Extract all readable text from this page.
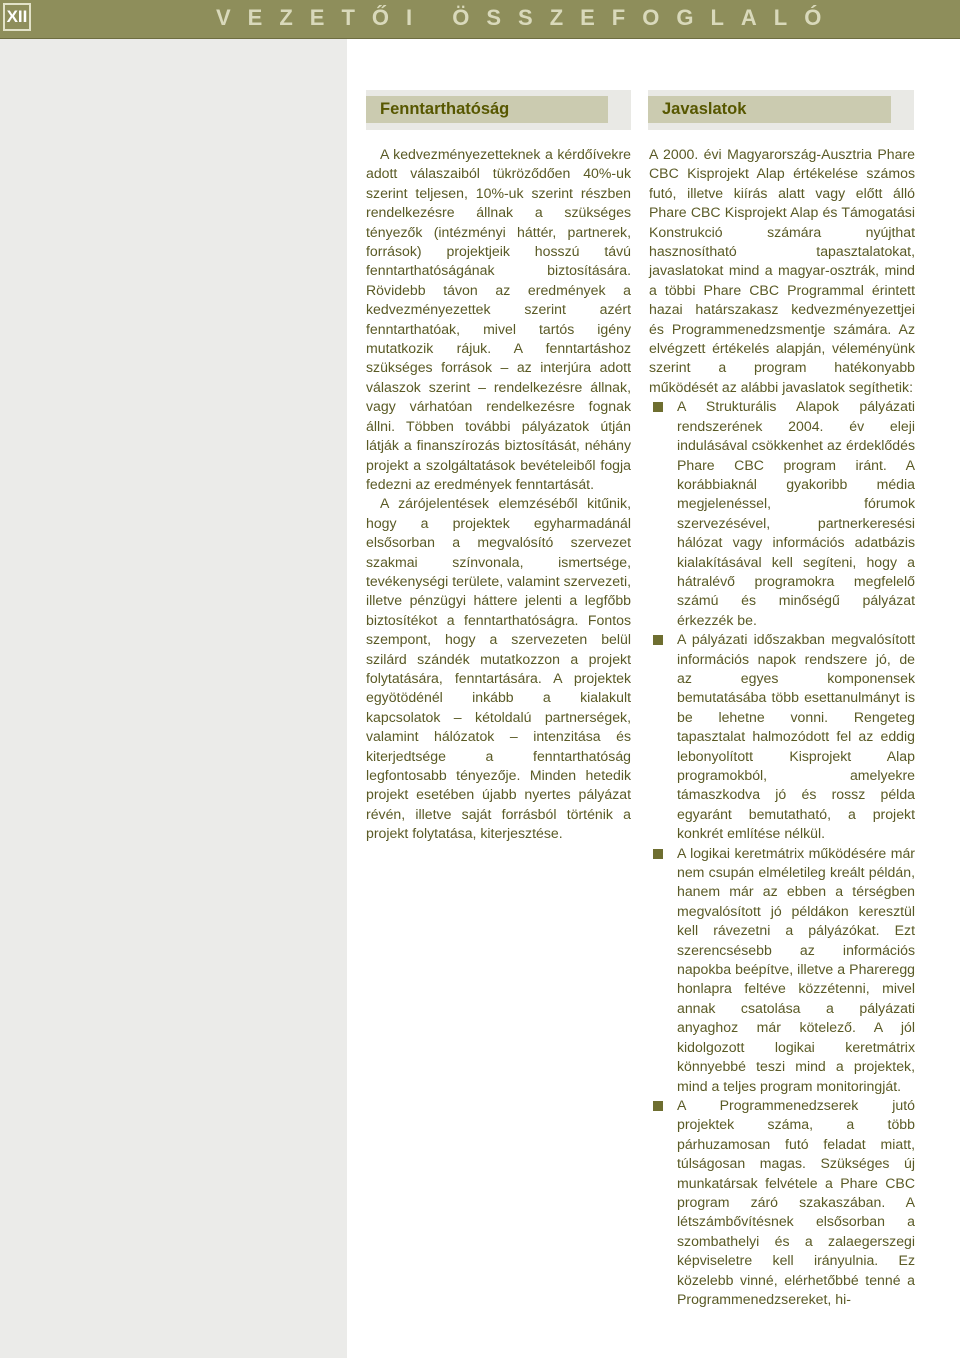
XII	VEZETŐI ÖSSZEFOGLALÓ
Fenntarthatóság	Javaslatok

A kedvezményezetteknek a kérdőívekre adott válaszaiból tükröződően 40%-uk szerint teljesen, 10%-uk szerint részben rendelkezésre állnak a szükséges tényezők (intézményi háttér, partnerek, források) projektjeik hosszú távú fenntarthatóságának biztosítására. Rövidebb távon az eredmények a kedvezményezettek szerint azért fenntarthatóak, mivel tartós igény mutatkozik rájuk. A fenntartáshoz szükséges források – az interjúra adott válaszok szerint – rendelkezésre állnak, vagy várhatóan rendelkezésre fognak állni. Többen további pályázatok útján látják a finanszírozás biztosítását, néhány projekt a szolgáltatások bevételeiből fogja fedezni az eredmények fenntartását.

A zárójelentések elemzéséből kitűnik, hogy a projektek egyharmadánál elsősorban a megvalósító szervezet szakmai színvonala, ismertsége, tevékenységi területe, valamint szervezeti, illetve pénzügyi háttere jelenti a legfőbb biztosítékot a fenntarthatóságra. Fontos szempont, hogy a szervezeten belül szilárd szándék mutatkozzon a projekt folytatására, fenntartására. A projektek egyötödénél inkább a kialakult kapcsolatok – kétoldalú partnerségek, valamint hálózatok – intenzitása és kiterjedtsége a fenntarthatóság legfontosabb tényezője. Minden hetedik projekt esetében újabb nyertes pályázat révén, illetve saját forrásból történik a projekt folytatása, kiterjesztése.

A 2000. évi Magyarország-Ausztria Phare CBC Kisprojekt Alap értékelése számos futó, illetve kiírás alatt vagy előtt álló Phare CBC Kisprojekt Alap és Támogatási Konstrukció számára nyújthat hasznosítható tapasztalatokat, javaslatokat mind a magyar-osztrák, mind a többi Phare CBC Programmal érintett hazai határszakasz kedvezményezettjei és Programmenedzsmentje számára. Az elvégzett értékelés alapján, véleményünk szerint a program hatékonyabb működését az alábbi javaslatok segíthetik:

A Strukturális Alapok pályázati rendszerének 2004. év eleji indulásával csökkenhet az érdeklődés Phare CBC program iránt. A korábbiaknál gyakoribb média megjelenéssel, fórumok szervezésével, partnerkeresési hálózat vagy információs adatbázis kialakításával kell segíteni, hogy a hátralévő programokra megfelelő számú és minőségű pályázat érkezzék be.
A pályázati időszakban megvalósított információs napok rendszere jó, de az egyes komponensek bemutatásába több esettanulmányt is be lehetne vonni. Rengeteg tapasztalat halmozódott fel az eddig lebonyolított Kisprojekt Alap programokból, amelyekre támaszkodva jó és rossz példa egyaránt bemutatható, a projekt konkrét említése nélkül.
A logikai keretmátrix működésére már nem csupán elméletileg kreált példán, hanem már az ebben a térségben megvalósított jó példákon keresztül kell rávezetni a pályázókat. Ezt szerencsésebb az információs napokba beépítve, illetve a Phareregg honlapra feltéve közzétenni, mivel annak csatolása a pályázati anyaghoz már kötelező. A jól kidolgozott logikai keretmátrix könnyebbé teszi mind a projektek, mind a teljes program monitoringját.
A Programmenedzserek jutó projektek száma, a több párhuzamosan futó feladat miatt, túlságosan magas. Szükséges új munkatársak felvétele a Phare CBC program záró szakaszában. A létszámbővítésnek elsősorban a szombathelyi és a zalaegerszegi képviseletre kell irányulnia. Ez közelebb vinné, elérhetőbbé tenné a Programmenedzsereket, hi-
